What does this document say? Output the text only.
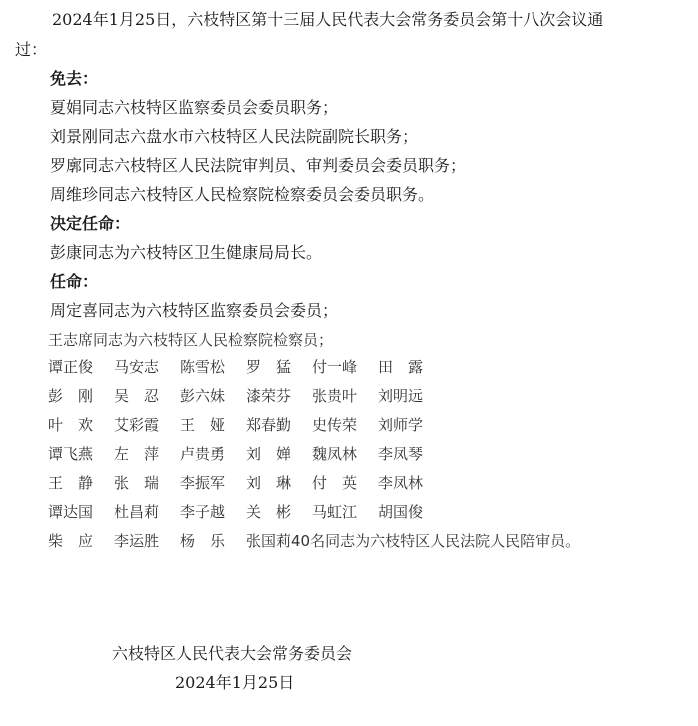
2024年1月25日，六枝特区第十三届人民代表大会常务委员会第十八次会议通
过：
免去：
夏娟同志六枝特区监察委员会委员职务；
刘景刚同志六盘水市六枝特区人民法院副院长职务；
罗廓同志六枝特区人民法院审判员、审判委员会委员职务；
周维珍同志六枝特区人民检察院检察委员会委员职务。
决定任命：
彭康同志为六枝特区卫生健康局局长。
任命：
周定喜同志为六枝特区监察委员会委员；
王志席同志为六枝特区人民检察院检察员；
谭正俊 马安志 陈雪松 罗　猛 付一峰 田　露
彭　刚 吴　忍 彭六妹 漆荣芬 张贵叶 刘明远
叶　欢 艾彩霞 王　娅 郑春勤 史传荣 刘师学
谭飞燕 左　萍 卢贵勇 刘　婵 魏凤林 李凤琴
王　静 张　瑞 李振军 刘　琳 付　英 李凤林
谭达国 杜昌莉 李子越 关　彬 马虹江 胡国俊
柴　应 李运胜 杨　乐 张国莉40名同志为六枝特区人民法院人民陪审员。
六枝特区人民代表大会常务委员会
2024年1月25日
